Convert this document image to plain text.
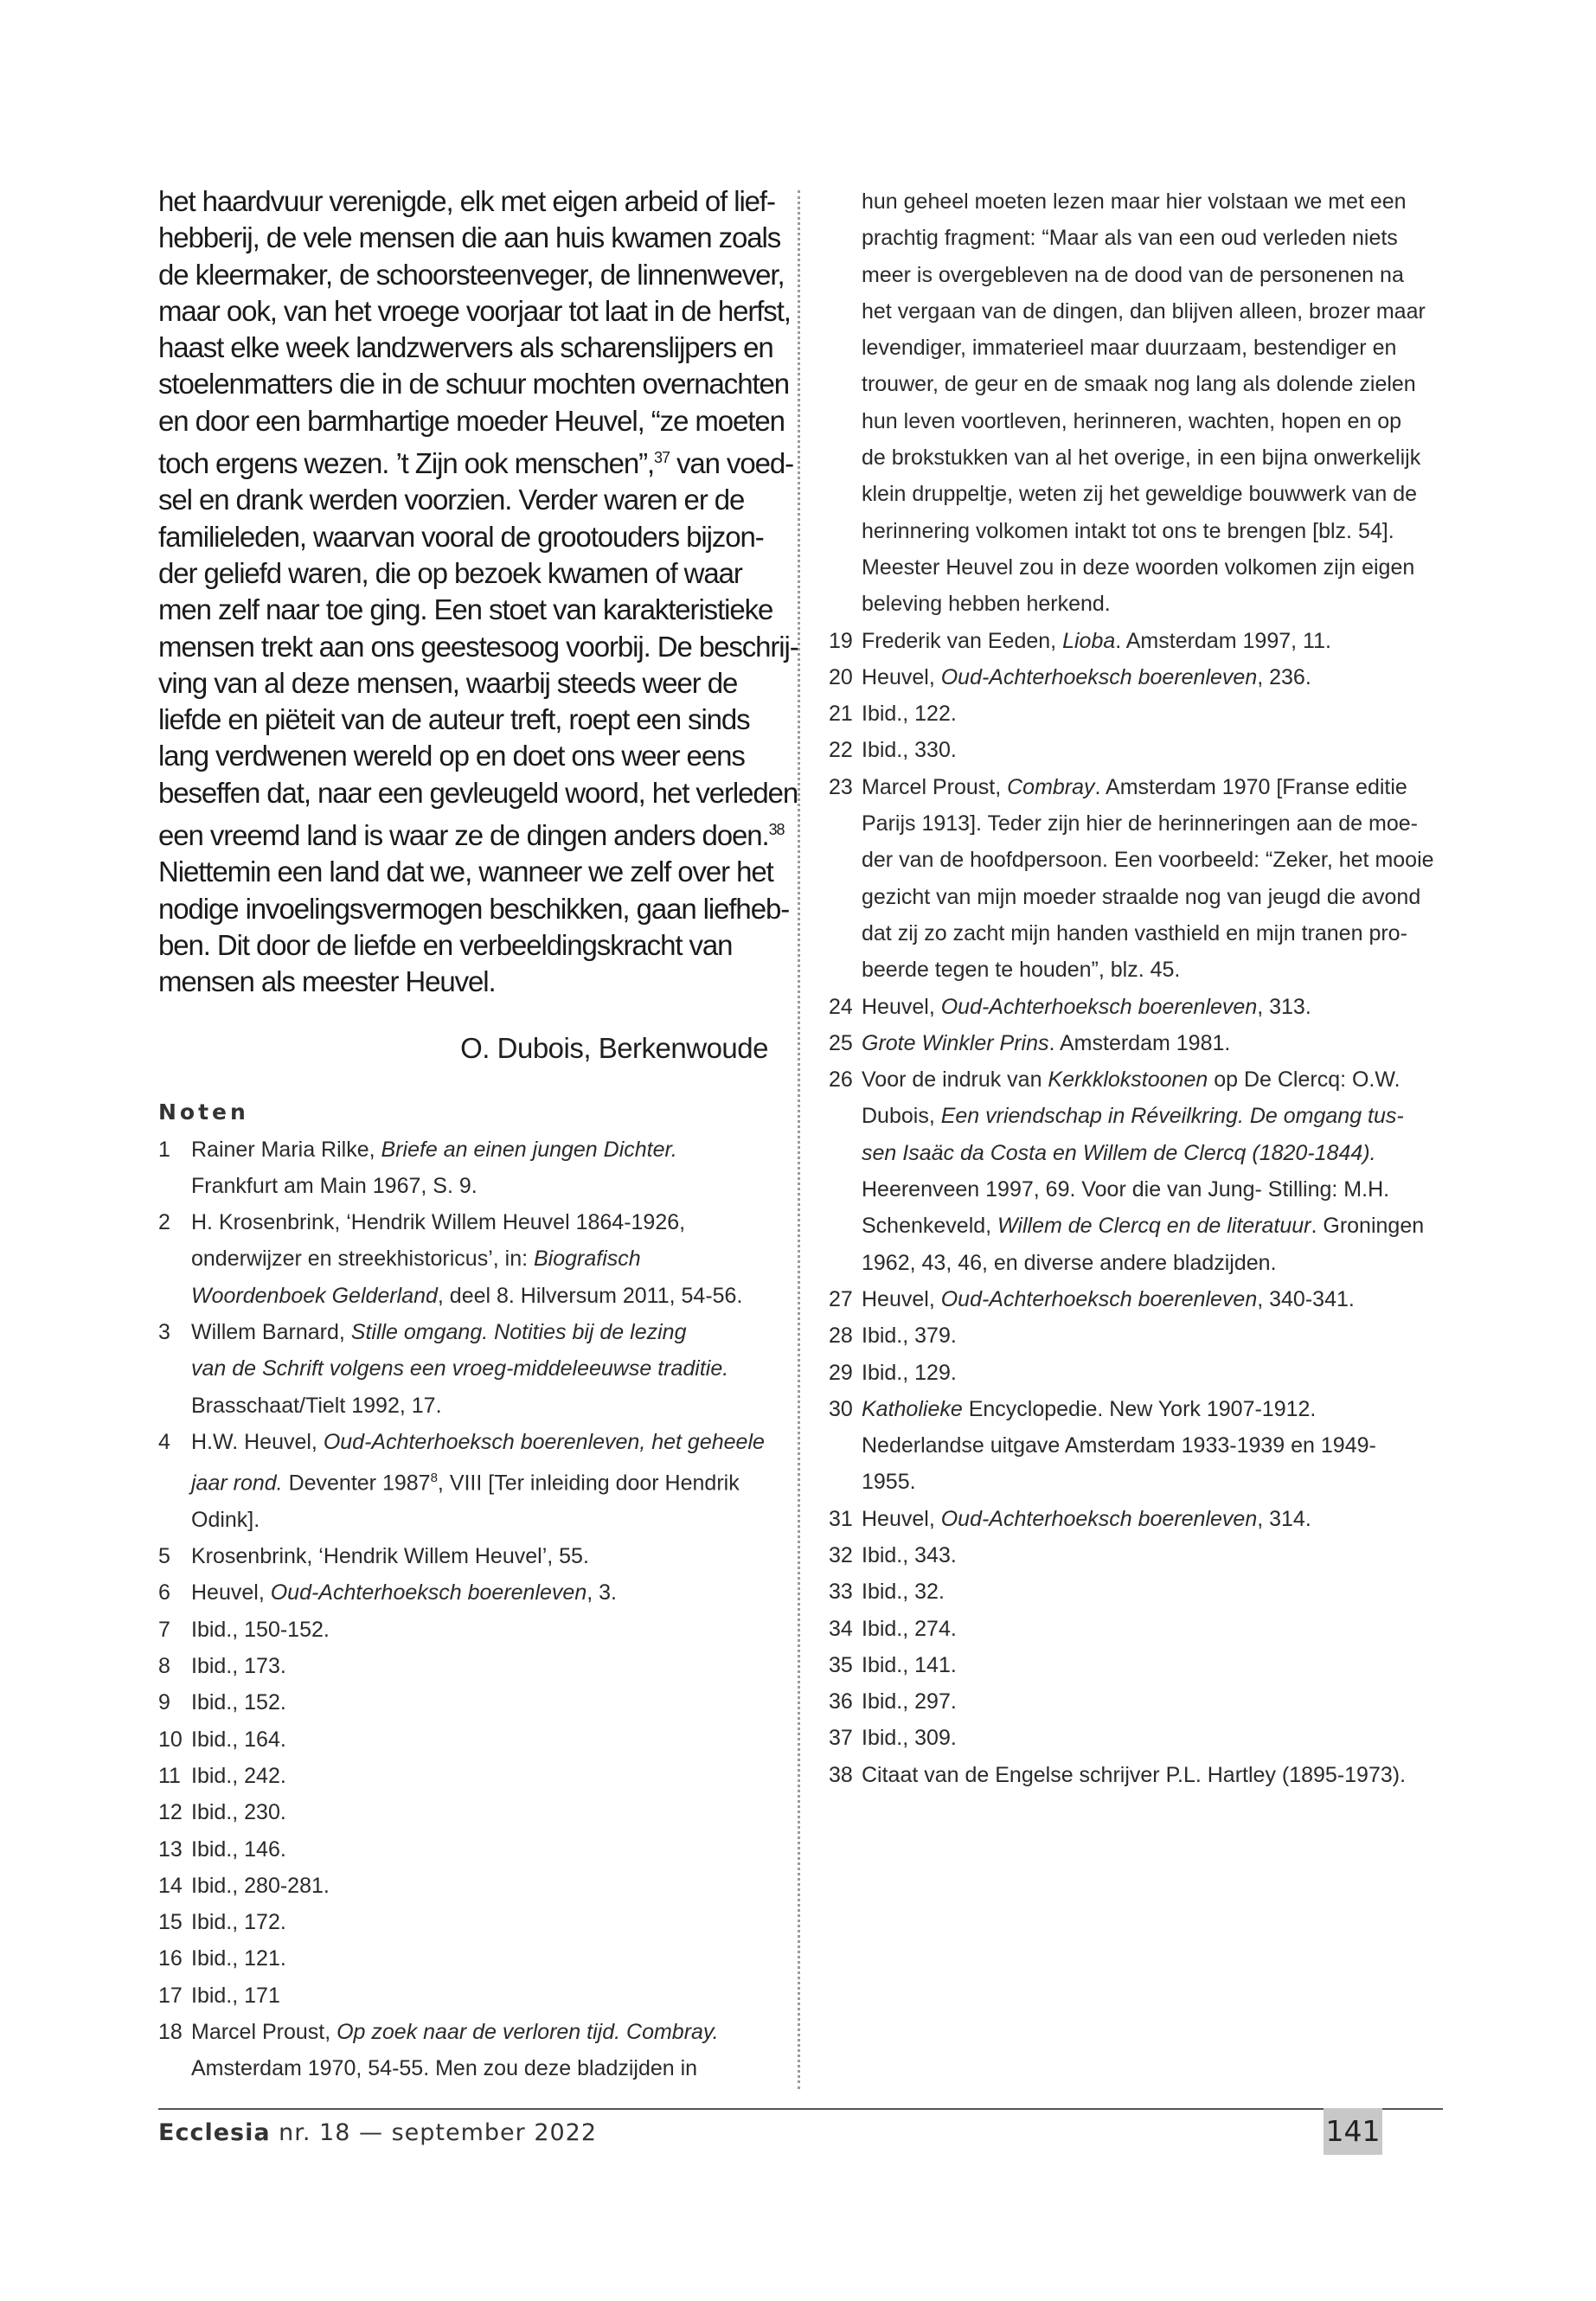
het haardvuur verenigde, elk met eigen arbeid of lief-
hebberij, de vele mensen die aan huis kwamen zoals
de kleermaker, de schoorsteenveger, de linnenwever,
maar ook, van het vroege voorjaar tot laat in de herfst,
haast elke week landzwervers als scharenslijpers en
stoelenmatters die in de schuur mochten overnachten
en door een barmhartige moeder Heuvel, “ze moeten
toch ergens wezen. ’t Zijn ook menschen”,$^{37}$ van voed-
sel en drank werden voorzien. Verder waren er de
familieleden, waarvan vooral de grootouders bijzon-
der geliefd waren, die op bezoek kwamen of waar
men zelf naar toe ging. Een stoet van karakteristieke
mensen trekt aan ons geestesoog voorbij. De beschrij-
ving van al deze mensen, waarbij steeds weer de
liefde en piëteit van de auteur treft, roept een sinds
lang verdwenen wereld op en doet ons weer eens
beseffen dat, naar een gevleugeld woord, het verleden
een vreemd land is waar ze de dingen anders doen.$^{38}$
Niettemin een land dat we, wanneer we zelf over het
nodige invoelingsvermogen beschikken, gaan liefheb-
ben. Dit door de liefde en verbeeldingskracht van
mensen als meester Heuvel.
O. Dubois, Berkenwoude
Noten
1 Rainer Maria Rilke, Briefe an einen jungen Dichter.
Frankfurt am Main 1967, S. 9.
2 H. Krosenbrink, ‘Hendrik Willem Heuvel 1864-1926,
onderwijzer en streekhistoricus’, in: Biografisch
Woordenboek Gelderland, deel 8. Hilversum 2011, 54-56.
3 Willem Barnard, Stille omgang. Notities bij de lezing
van de Schrift volgens een vroeg-middeleeuwse traditie.
Brasschaat/Tielt 1992, 17.
4 H.W. Heuvel, Oud-Achterhoeksch boerenleven, het geheele
jaar rond. Deventer 1987$^8$, VIII [Ter inleiding door Hendrik
Odink].
5 Krosenbrink, ‘Hendrik Willem Heuvel’, 55.
6 Heuvel, Oud-Achterhoeksch boerenleven, 3.
7 Ibid., 150-152.
8 Ibid., 173.
9 Ibid., 152.
10 Ibid., 164.
11 Ibid., 242.
12 Ibid., 230.
13 Ibid., 146.
14 Ibid., 280-281.
15 Ibid., 172.
16 Ibid., 121.
17 Ibid., 171
18 Marcel Proust, Op zoek naar de verloren tijd. Combray.
Amsterdam 1970, 54-55. Men zou deze bladzijden in
hun geheel moeten lezen maar hier volstaan we met een
prachtig fragment: “Maar als van een oud verleden niets
meer is overgebleven na de dood van de personenen na
het vergaan van de dingen, dan blijven alleen, brozer maar
levendiger, immaterieel maar duurzaam, bestendiger en
trouwer, de geur en de smaak nog lang als dolende zielen
hun leven voortleven, herinneren, wachten, hopen en op
de brokstukken van al het overige, in een bijna onwerkelijk
klein druppeltje, weten zij het geweldige bouwwerk van de
herinnering volkomen intakt tot ons te brengen [blz. 54].
Meester Heuvel zou in deze woorden volkomen zijn eigen
beleving hebben herkend.
19 Frederik van Eeden, Lioba. Amsterdam 1997, 11.
20 Heuvel, Oud-Achterhoeksch boerenleven, 236.
21 Ibid., 122.
22 Ibid., 330.
23 Marcel Proust, Combray. Amsterdam 1970 [Franse editie
Parijs 1913]. Teder zijn hier de herinneringen aan de moe-
der van de hoofdpersoon. Een voorbeeld: “Zeker, het mooie
gezicht van mijn moeder straalde nog van jeugd die avond
dat zij zo zacht mijn handen vasthield en mijn tranen pro-
beerde tegen te houden”, blz. 45.
24 Heuvel, Oud-Achterhoeksch boerenleven, 313.
25 Grote Winkler Prins. Amsterdam 1981.
26 Voor de indruk van Kerkklokstoonen op De Clercq: O.W.
Dubois, Een vriendschap in Réveilkring. De omgang tus-
sen Isaäc da Costa en Willem de Clercq (1820-1844).
Heerenveen 1997, 69. Voor die van Jung- Stilling: M.H.
Schenkeveld, Willem de Clercq en de literatuur. Groningen
1962, 43, 46, en diverse andere bladzijden.
27 Heuvel, Oud-Achterhoeksch boerenleven, 340-341.
28 Ibid., 379.
29 Ibid., 129.
30 Katholieke Encyclopedie. New York 1907-1912.
Nederlandse uitgave Amsterdam 1933-1939 en 1949-
1955.
31 Heuvel, Oud-Achterhoeksch boerenleven, 314.
32 Ibid., 343.
33 Ibid., 32.
34 Ibid., 274.
35 Ibid., 141.
36 Ibid., 297.
37 Ibid., 309.
38 Citaat van de Engelse schrijver P.L. Hartley (1895-1973).
Ecclesia nr. 18 — september 2022	141
